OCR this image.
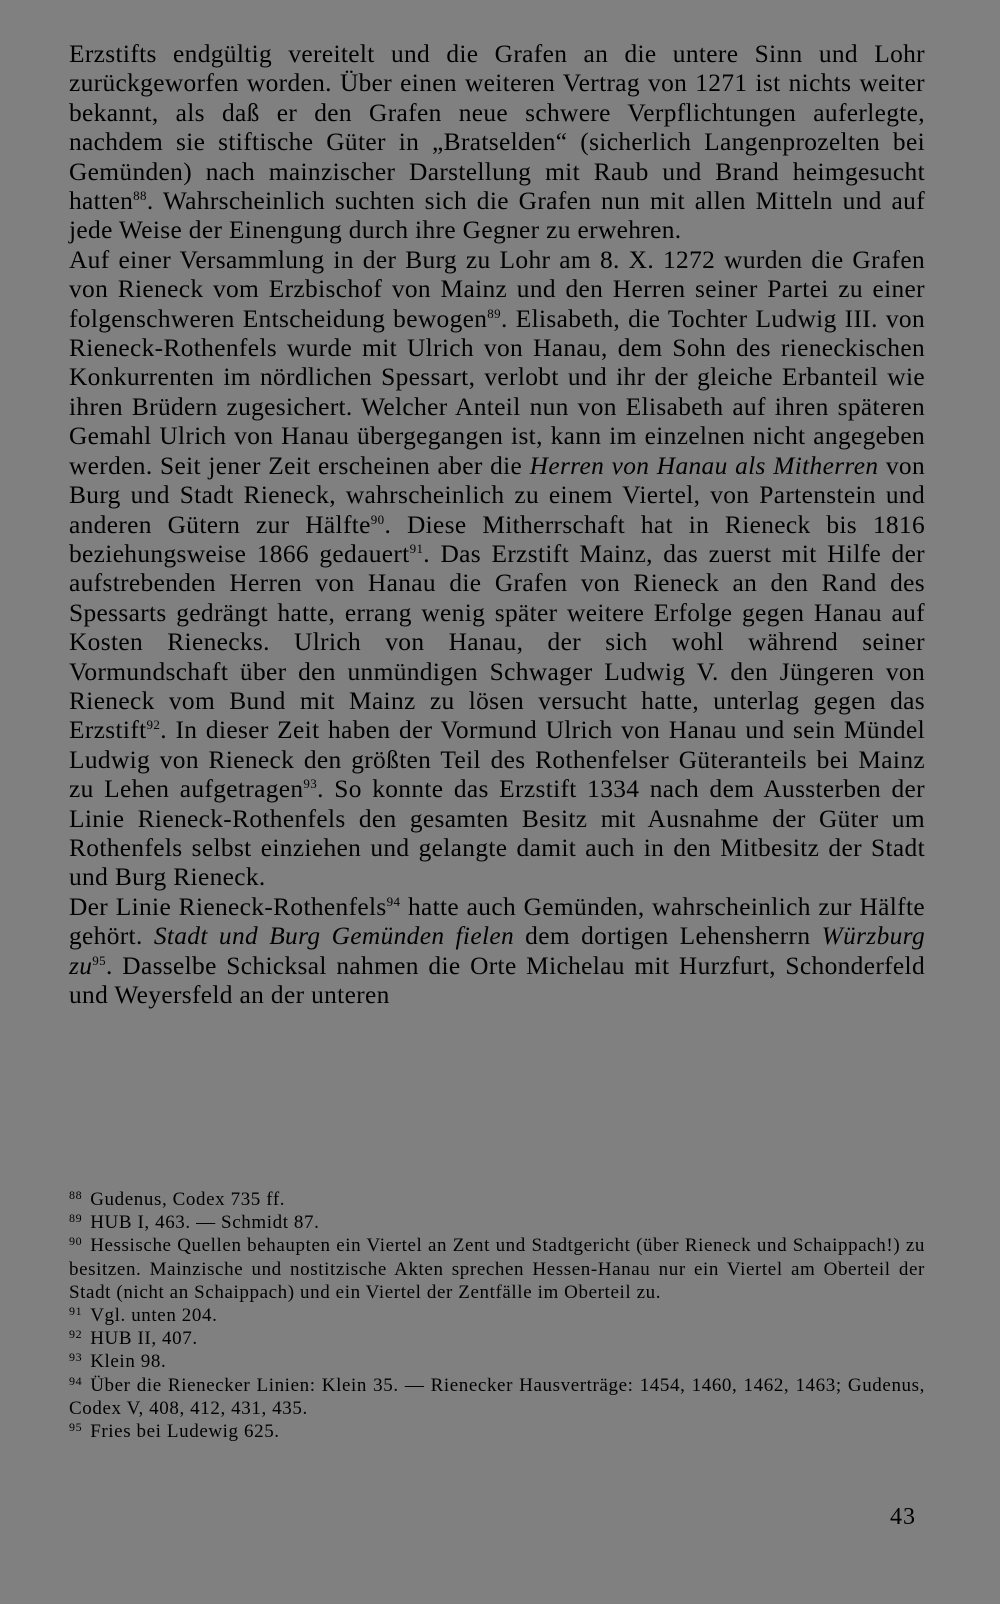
Erzstifts endgültig vereitelt und die Grafen an die untere Sinn und Lohr zurückgeworfen worden. Über einen weiteren Vertrag von 1271 ist nichts weiter bekannt, als daß er den Grafen neue schwere Verpflichtungen auferlegte, nachdem sie stiftische Güter in „Bratselden“ (sicherlich Langenprozelten bei Gemünden) nach mainzischer Darstellung mit Raub und Brand heimgesucht hatten$^{88}$. Wahrscheinlich suchten sich die Grafen nun mit allen Mitteln und auf jede Weise der Einengung durch ihre Gegner zu erwehren.

Auf einer Versammlung in der Burg zu Lohr am 8. X. 1272 wurden die Grafen von Rieneck vom Erzbischof von Mainz und den Herren seiner Partei zu einer folgenschweren Entscheidung bewogen$^{89}$. Elisabeth, die Tochter Ludwig III. von Rieneck-Rothenfels wurde mit Ulrich von Hanau, dem Sohn des rieneckischen Konkurrenten im nördlichen Spessart, verlobt und ihr der gleiche Erbanteil wie ihren Brüdern zugesichert. Welcher Anteil nun von Elisabeth auf ihren späteren Gemahl Ulrich von Hanau übergegangen ist, kann im einzelnen nicht angegeben werden. Seit jener Zeit erscheinen aber die Herren von Hanau als Mitherren von Burg und Stadt Rieneck, wahrscheinlich zu einem Viertel, von Partenstein und anderen Gütern zur Hälfte$^{90}$. Diese Mitherrschaft hat in Rieneck bis 1816 beziehungsweise 1866 gedauert$^{91}$. Das Erzstift Mainz, das zuerst mit Hilfe der aufstrebenden Herren von Hanau die Grafen von Rieneck an den Rand des Spessarts gedrängt hatte, errang wenig später weitere Erfolge gegen Hanau auf Kosten Rienecks. Ulrich von Hanau, der sich wohl während seiner Vormundschaft über den unmündigen Schwager Ludwig V. den Jüngeren von Rieneck vom Bund mit Mainz zu lösen versucht hatte, unterlag gegen das Erzstift$^{92}$. In dieser Zeit haben der Vormund Ulrich von Hanau und sein Mündel Ludwig von Rieneck den größten Teil des Rothenfelser Güteranteils bei Mainz zu Lehen aufgetragen$^{93}$. So konnte das Erzstift 1334 nach dem Aussterben der Linie Rieneck-Rothenfels den gesamten Besitz mit Ausnahme der Güter um Rothenfels selbst einziehen und gelangte damit auch in den Mitbesitz der Stadt und Burg Rieneck.

Der Linie Rieneck-Rothenfels$^{94}$ hatte auch Gemünden, wahrscheinlich zur Hälfte gehört. Stadt und Burg Gemünden fielen dem dortigen Lehensherrn Würzburg $zu^{95}$. Dasselbe Schicksal nahmen die Orte Michelau mit Hurzfurt, Schonderfeld und Weyersfeld an der unteren

$^{88}$ Gudenus, Codex 735 ff.

$^{89}$ HUB I, 463. — Schmidt 87.

$^{90}$ Hessische Quellen behaupten ein Viertel an Zent und Stadtgericht (über Rieneck und Schaippach!) zu besitzen. Mainzische und nostitzische Akten sprechen Hessen-Hanau nur ein Viertel am Oberteil der Stadt (nicht an Schaippach) und ein Viertel der Zentfälle im Oberteil zu.

$^{91}$ Vgl. unten 204.

$^{92}$ HUB II, 407.

$^{93}$ Klein 98.

$^{94}$ Über die Rienecker Linien: Klein 35. — Rienecker Hausverträge: 1454, 1460, 1462, 1463; Gudenus, Codex V, 408, 412, 431, 435.

$^{95}$ Fries bei Ludewig 625.

43
